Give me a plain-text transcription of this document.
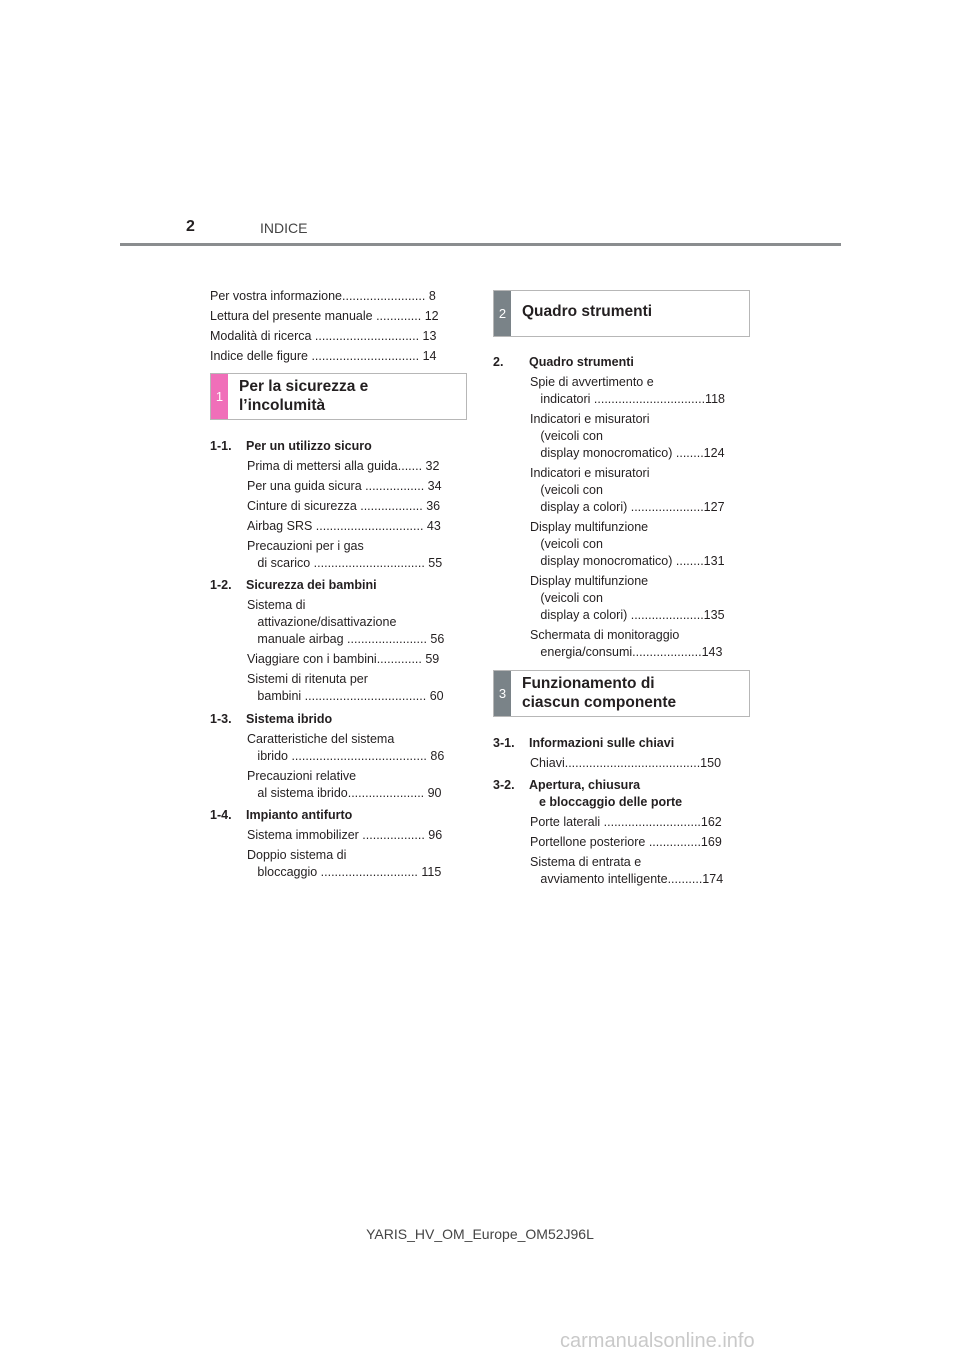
2	INDICE
Per vostra informazione........................ 8
Lettura del presente manuale ............. 12
Modalità di ricerca .............................. 13
Indice delle figure ............................... 14
1
Per la sicurezza e
l’incolumità
1-1. Per un utilizzo sicuro
Prima di mettersi alla guida....... 32
Per una guida sicura ................. 34
Cinture di sicurezza .................. 36
Airbag SRS ............................... 43
Precauzioni per i gas
di scarico ................................ 55
1-2. Sicurezza dei bambini
Sistema di
attivazione/disattivazione
manuale airbag ....................... 56
Viaggiare con i bambini............. 59
Sistemi di ritenuta per
bambini ................................... 60
1-3. Sistema ibrido
Caratteristiche del sistema
ibrido ....................................... 86
Precauzioni relative
al sistema ibrido...................... 90
1-4. Impianto antifurto
Sistema immobilizer .................. 96
Doppio sistema di
bloccaggio ............................ 115
2	Quadro strumenti
2. Quadro strumenti
Spie di avvertimento e
indicatori ................................118
Indicatori e misuratori
(veicoli con
display monocromatico) ........124
Indicatori e misuratori
(veicoli con
display a colori) .....................127
Display multifunzione
(veicoli con
display monocromatico) ........131
Display multifunzione
(veicoli con
display a colori) .....................135
Schermata di monitoraggio
energia/consumi....................143
3
Funzionamento di
ciascun componente
3-1. Informazioni sulle chiavi
Chiavi.......................................150
3-2. Apertura, chiusura
e bloccaggio delle porte
Porte laterali ............................162
Portellone posteriore ...............169
Sistema di entrata e
avviamento intelligente..........174
YARIS_HV_OM_Europe_OM52J96L
carmanualsonline.info
